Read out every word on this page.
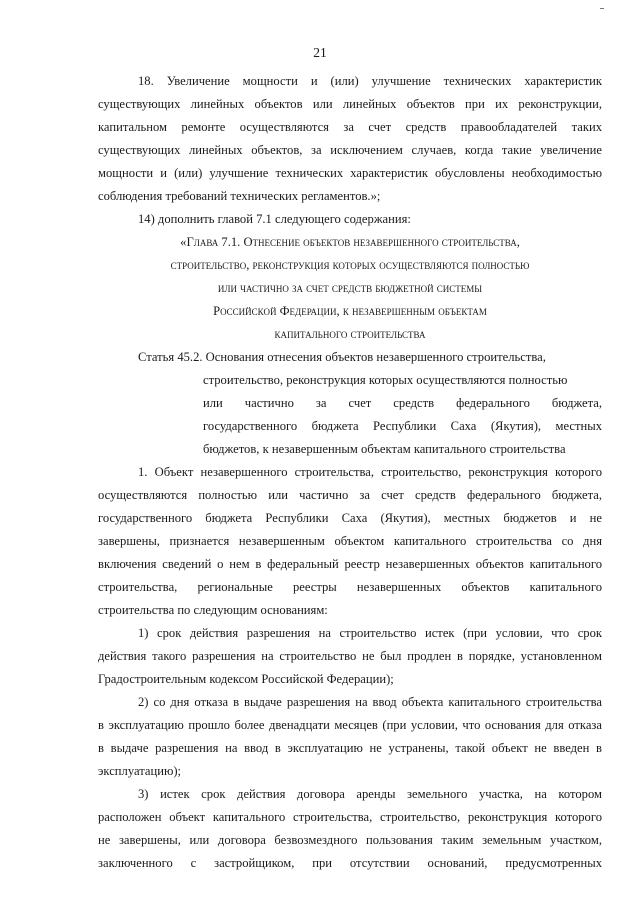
21
18. Увеличение мощности и (или) улучшение технических характеристик
существующих линейных объектов или линейных объектов при их реконструкции,
капитальном ремонте осуществляются за счет средств правообладателей таких
существующих линейных объектов, за исключением случаев, когда такие увеличение
мощности и (или) улучшение технических характеристик обусловлены необходимостью
соблюдения требований технических регламентов.»;
14) дополнить главой 7.1 следующего содержания:
«Глава 7.1. Отнесение объектов незавершенного строительства,
строительство, реконструкция которых осуществляются полностью
или частично за счет средств бюджетной системы
Российской Федерации, к незавершенным объектам
капитального строительства
Статья 45.2. Основания отнесения объектов незавершенного строительства,
строительство, реконструкция которых осуществляются полностью
или частично за счет средств федерального бюджета,
государственного бюджета Республики Саха (Якутия), местных
бюджетов, к незавершенным объектам капитального строительства
1. Объект незавершенного строительства, строительство, реконструкция которого
осуществляются полностью или частично за счет средств федерального бюджета,
государственного бюджета Республики Саха (Якутия), местных бюджетов и не
завершены, признается незавершенным объектом капитального строительства со дня
включения сведений о нем в федеральный реестр незавершенных объектов капитального
строительства, региональные реестры незавершенных объектов капитального
строительства по следующим основаниям:
1) срок действия разрешения на строительство истек (при условии, что срок
действия такого разрешения на строительство не был продлен в порядке, установленном
Градостроительным кодексом Российской Федерации);
2) со дня отказа в выдаче разрешения на ввод объекта капитального строительства
в эксплуатацию прошло более двенадцати месяцев (при условии, что основания для отказа
в выдаче разрешения на ввод в эксплуатацию не устранены, такой объект не введен в
эксплуатацию);
3) истек срок действия договора аренды земельного участка, на котором
расположен объект капитального строительства, строительство, реконструкция которого
не завершены, или договора безвозмездного пользования таким земельным участком,
заключенного с застройщиком, при отсутствии оснований, предусмотренных
